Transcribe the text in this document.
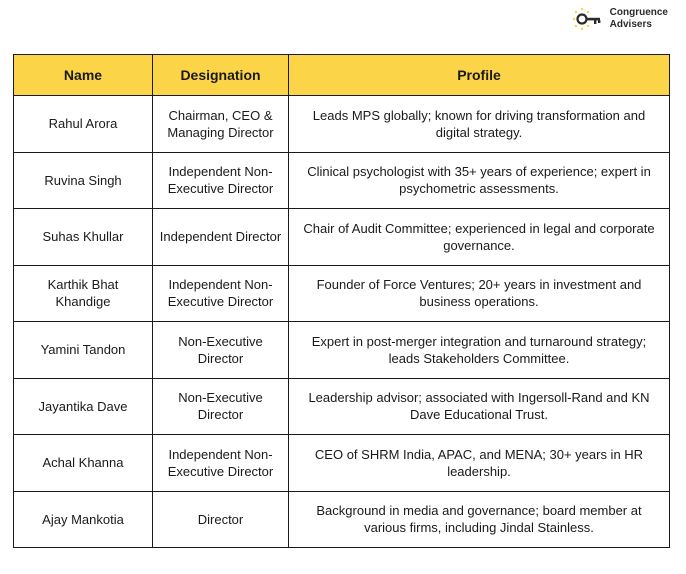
Congruence
Advisers
Name	Designation	Profile
Rahul Arora	Chairman, CEO & Managing Director	Leads MPS globally; known for driving transformation and digital strategy.
Ruvina Singh	Independent Non-Executive Director	Clinical psychologist with 35+ years of experience; expert in psychometric assessments.
Suhas Khullar	Independent Director	Chair of Audit Committee; experienced in legal and corporate governance.
Karthik Bhat Khandige	Independent Non-Executive Director	Founder of Force Ventures; 20+ years in investment and business operations.
Yamini Tandon	Non-Executive Director	Expert in post-merger integration and turnaround strategy; leads Stakeholders Committee.
Jayantika Dave	Non-Executive Director	Leadership advisor; associated with Ingersoll-Rand and KN Dave Educational Trust.
Achal Khanna	Independent Non-Executive Director	CEO of SHRM India, APAC, and MENA; 30+ years in HR leadership.
Ajay Mankotia	Director	Background in media and governance; board member at various firms, including Jindal Stainless.
